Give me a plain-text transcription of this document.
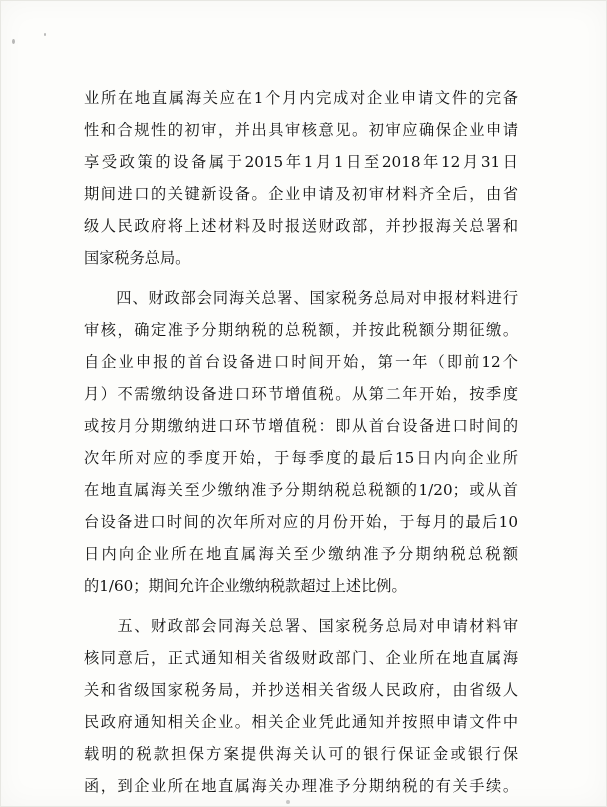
业所在地直属海关应在1个月内完成对企业申请文件的完备
性和合规性的初审，并出具审核意见。初审应确保企业申请
享受政策的设备属于2015年1月1日至2018年12月31日
期间进口的关键新设备。企业申请及初审材料齐全后，由省
级人民政府将上述材料及时报送财政部，并抄报海关总署和
国家税务总局。
　　四、财政部会同海关总署、国家税务总局对申报材料进行
审核，确定准予分期纳税的总税额，并按此税额分期征缴。
自企业申报的首台设备进口时间开始，第一年（即前12个
月）不需缴纳设备进口环节增值税。从第二年开始，按季度
或按月分期缴纳进口环节增值税：即从首台设备进口时间的
次年所对应的季度开始，于每季度的最后15日内向企业所
在地直属海关至少缴纳准予分期纳税总税额的1/20；或从首
台设备进口时间的次年所对应的月份开始，于每月的最后10
日内向企业所在地直属海关至少缴纳准予分期纳税总税额
的1/60；期间允许企业缴纳税款超过上述比例。
　　五、财政部会同海关总署、国家税务总局对申请材料审
核同意后，正式通知相关省级财政部门、企业所在地直属海
关和省级国家税务局，并抄送相关省级人民政府，由省级人
民政府通知相关企业。相关企业凭此通知并按照申请文件中
载明的税款担保方案提供海关认可的银行保证金或银行保
函，到企业所在地直属海关办理准予分期纳税的有关手续。
